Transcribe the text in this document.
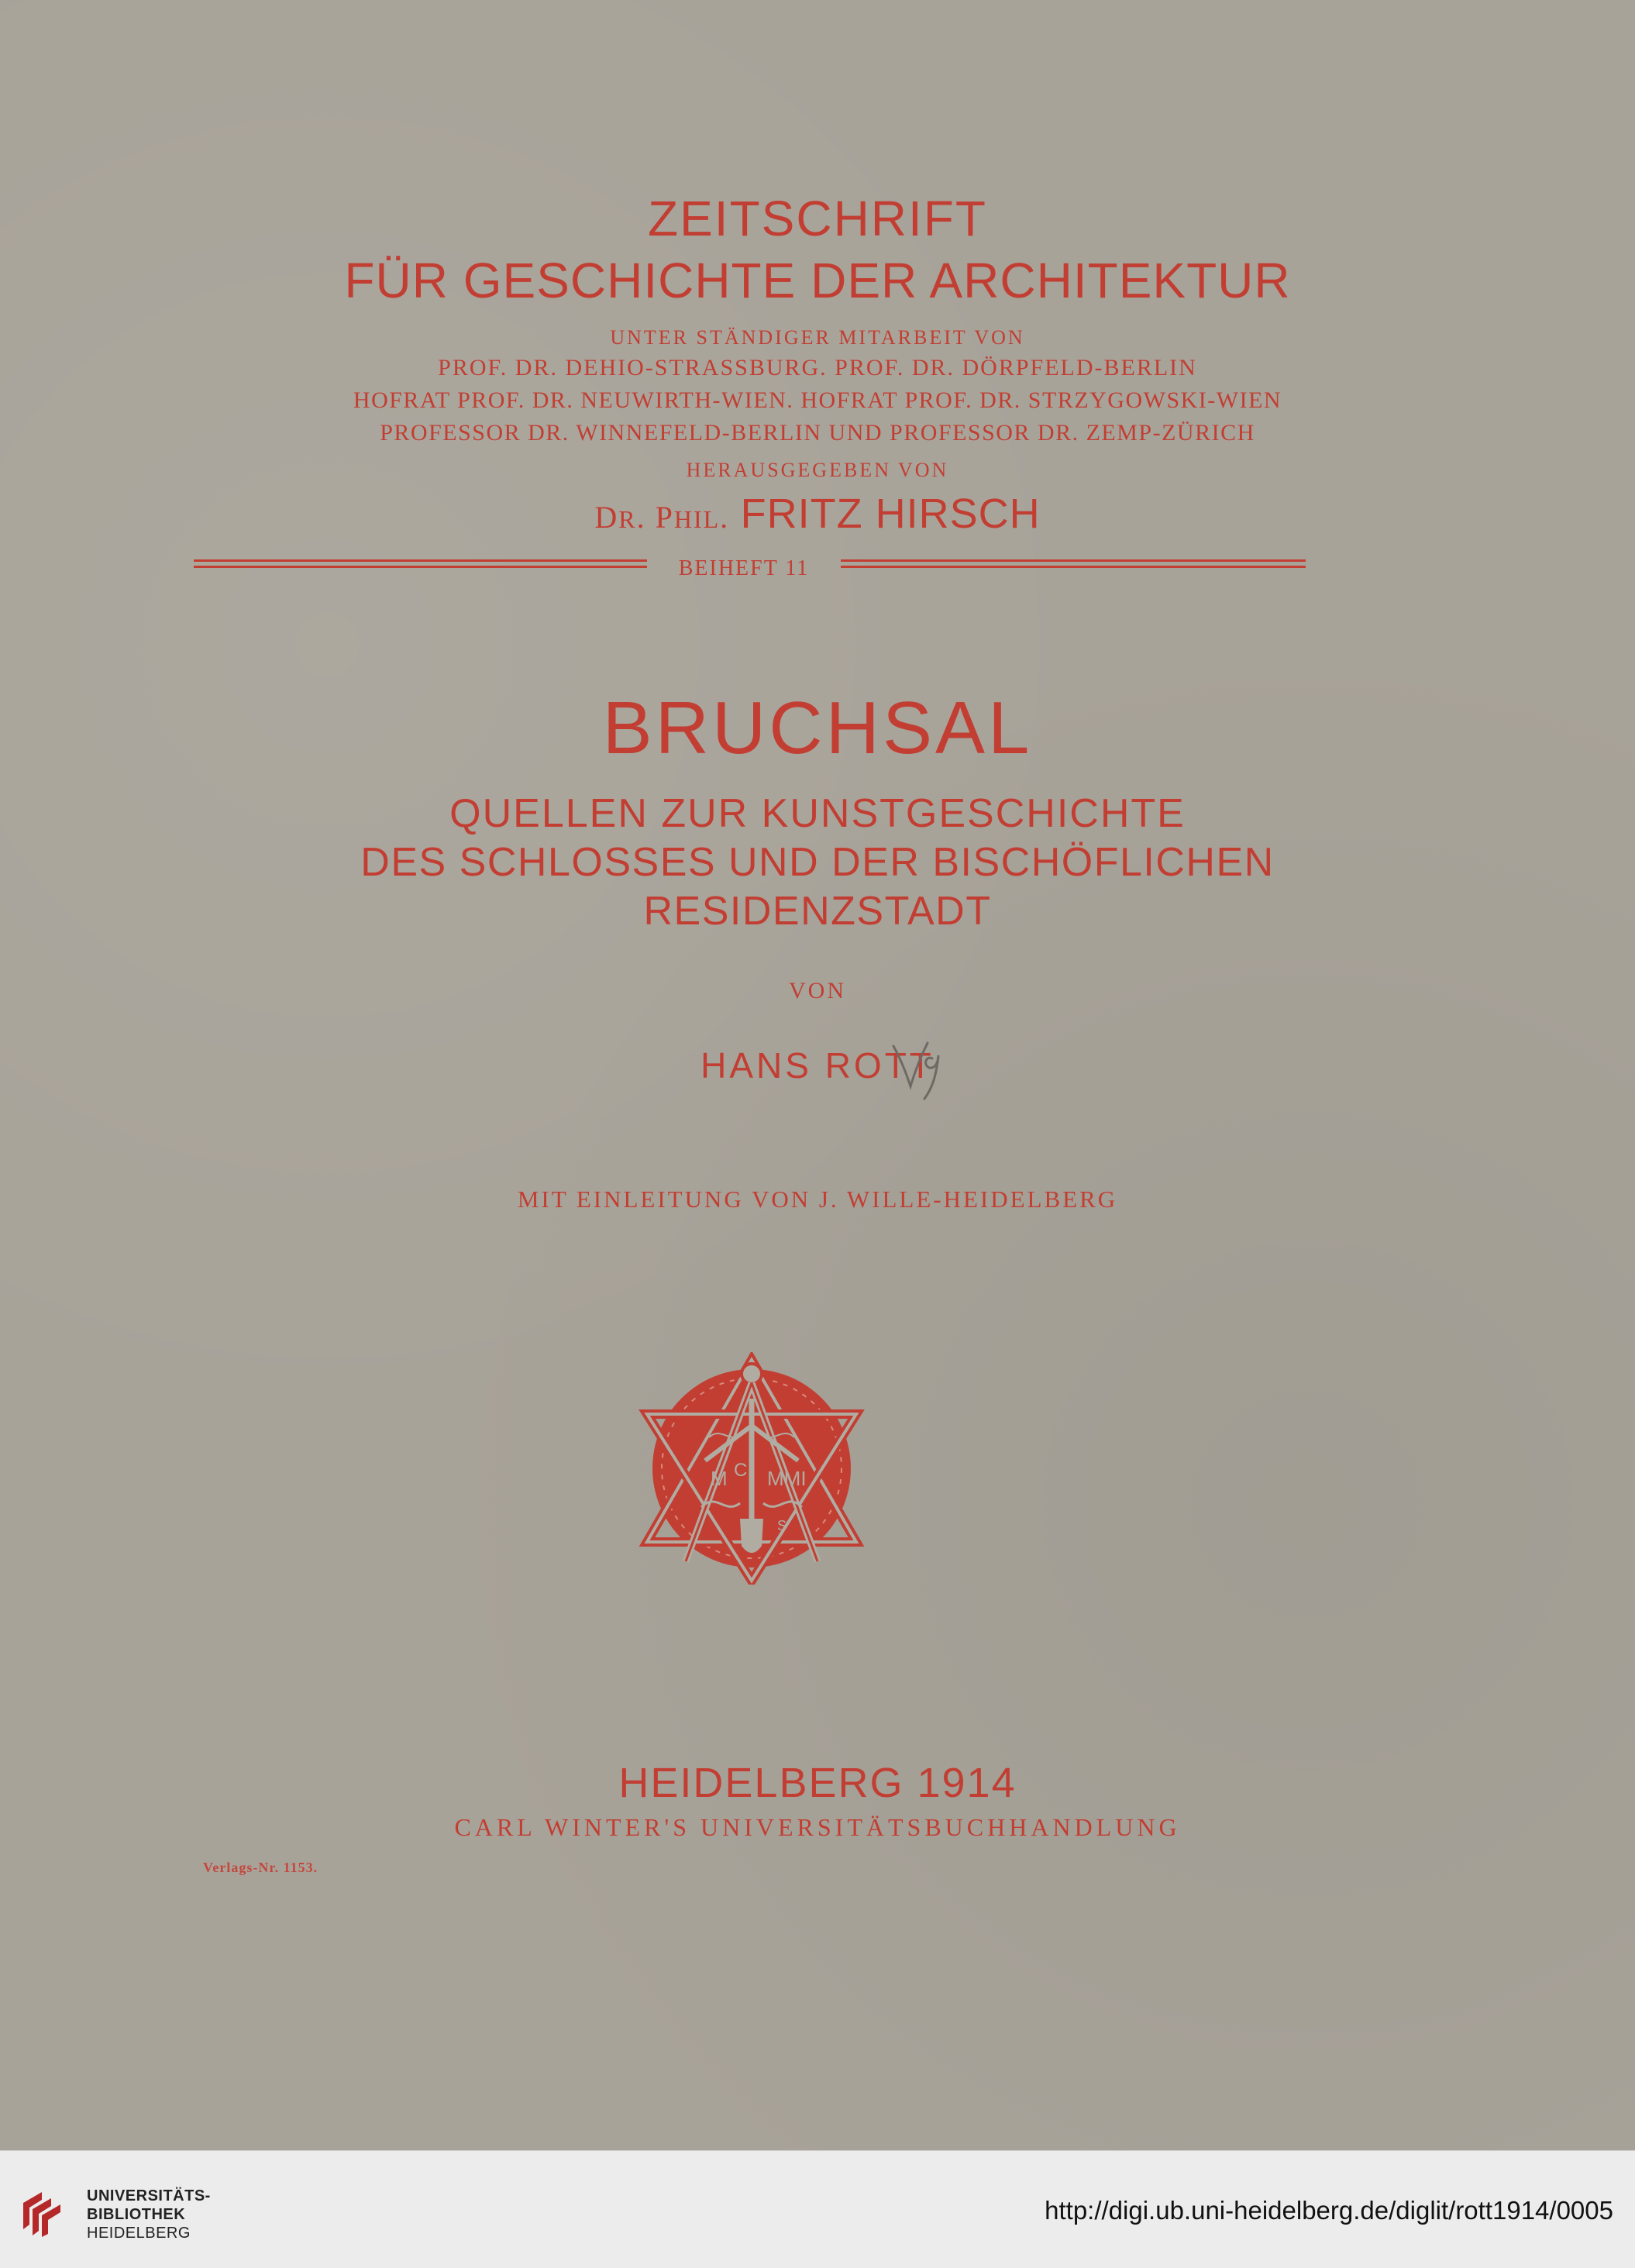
ZEITSCHRIFT
FÜR GESCHICHTE DER ARCHITEKTUR
UNTER STÄNDIGER MITARBEIT VON
PROF. DR. DEHIO-STRASSBURG. PROF. DR. DÖRPFELD-BERLIN
HOFRAT PROF. DR. NEUWIRTH-WIEN. HOFRAT PROF. DR. STRZYGOWSKI-WIEN
PROFESSOR DR. WINNEFELD-BERLIN UND PROFESSOR DR. ZEMP-ZÜRICH
HERAUSGEGEBEN VON
DR. PHIL. FRITZ HIRSCH
BEIHEFT 11
BRUCHSAL
QUELLEN ZUR KUNSTGESCHICHTE
DES SCHLOSSES UND DER BISCHÖFLICHEN
RESIDENZSTADT
VON
HANS ROTT
MIT EINLEITUNG VON J. WILLE-HEIDELBERG
M C MMI
S
HEIDELBERG 1914
CARL WINTER'S UNIVERSITÄTSBUCHHANDLUNG
Verlags-Nr. 1153.
UNIVERSITÄTS-
BIBLIOTHEK
HEIDELBERG
http://digi.ub.uni-heidelberg.de/diglit/rott1914/0005
